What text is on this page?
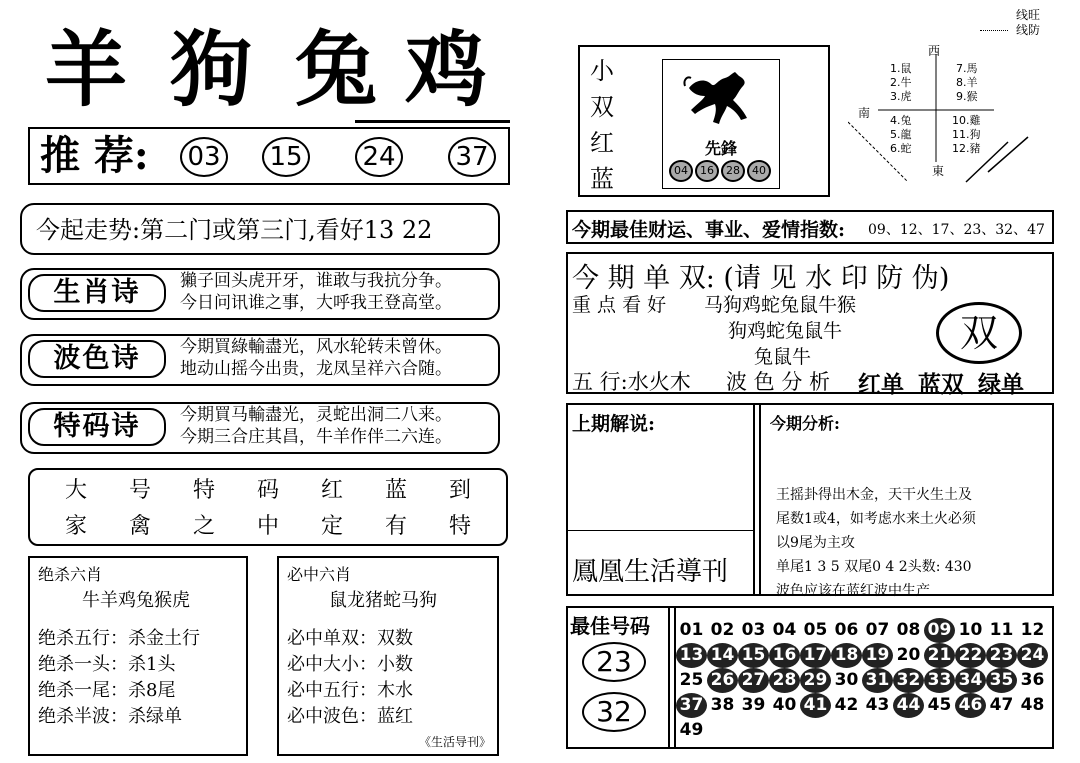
羊 狗 兔 鸡
推 荐: 03 15 24 37
今起走势:第二门或第三门,看好13 22
生肖诗	獺子回头虎开牙，谁敢与我抗分争。
今日问讯谁之事，大呼我王登高堂。
波色诗	今期買綠輸盡光，风水轮转未曾休。
地动山摇今出贵，龙凤呈祥六合随。
特码诗	今期買马輸盡光，灵蛇出洞二八来。
今期三合庄其昌，牛羊作伴二六连。
大	号	特	码	红	蓝	到
家	禽	之	中	定	有	特
绝杀六肖
牛羊鸡兔猴虎
绝杀五行：杀金土行
绝杀一头：杀1头
绝杀一尾：杀8尾
绝杀半波：杀绿单
必中六肖
鼠龙猪蛇马狗
必中单双：双数
必中大小：小数
必中五行：木水
必中波色：蓝红
《生活导刊》
线旺
线防
小
双
红
蓝
先鋒
04	16	28	40
西
南
東
1.鼠
2.牛
3.虎
7.馬
8.羊
9.猴
4.兔
5.龍
6.蛇
10.雞
11.狗
12.豬
今期最佳财运、事业、爱情指数: 09、12、17、23、32、47
今 期 单 双: (请 见 水 印 防 伪)
重 点 看 好 马狗鸡蛇兔鼠牛猴
狗鸡蛇兔鼠牛
兔鼠牛
双
五 行:水火木 波 色 分 析 红单 蓝双 绿单
上期解说:
鳳凰生活導刊
今期分析:
王摇卦得出木金，天干火生土及
尾数1或4，如考虑水来土火必须
以9尾为主攻
单尾1 3 5 双尾0 4 2头数: 430
波色应该在蓝红波中生产
最佳号码
23
32
01 02 03 04 05 06 07 08 09 10 11 12
13 14 15 16 17 18 19 20 21 22 23 24
25 26 27 28 29 30 31 32 33 34 35 36
37 38 39 40 41 42 43 44 45 46 47 48
49
